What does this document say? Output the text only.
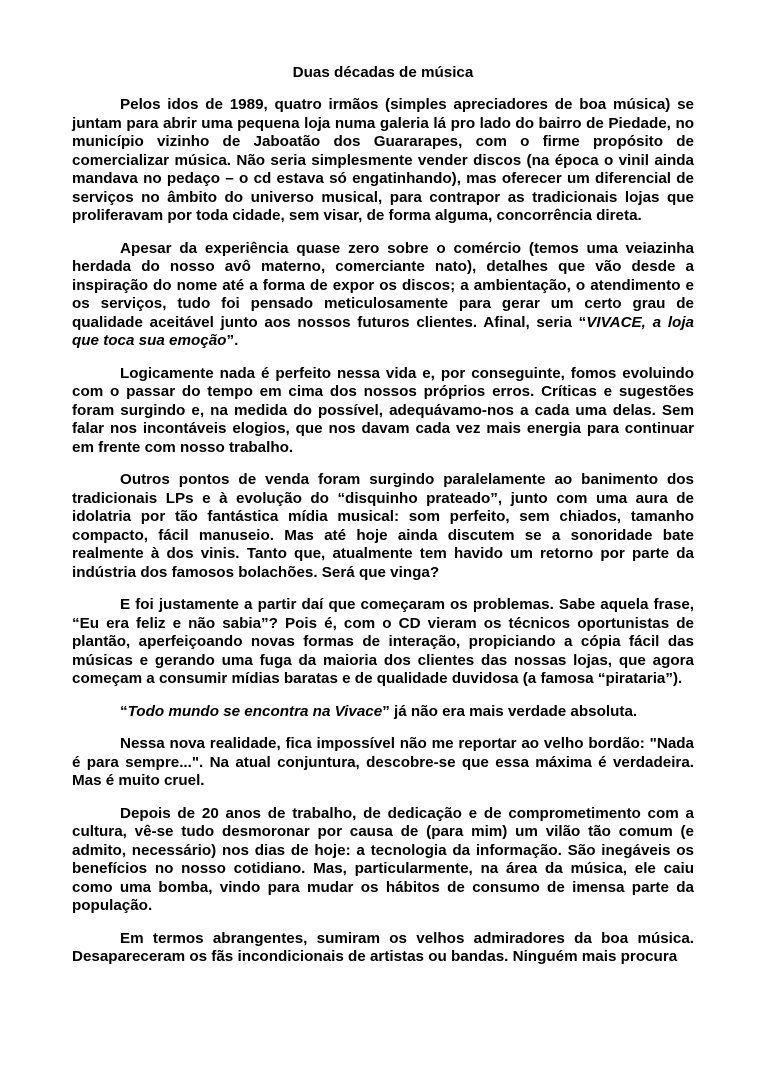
Duas décadas de música

Pelos idos de 1989, quatro irmãos (simples apreciadores de boa música) se juntam para abrir uma pequena loja numa galeria lá pro lado do bairro de Piedade, no município vizinho de Jaboatão dos Guararapes, com o firme propósito de comercializar música. Não seria simplesmente vender discos (na época o vinil ainda mandava no pedaço – o cd estava só engatinhando), mas oferecer um diferencial de serviços no âmbito do universo musical, para contrapor as tradicionais lojas que proliferavam por toda cidade, sem visar, de forma alguma, concorrência direta.

Apesar da experiência quase zero sobre o comércio (temos uma veiazinha herdada do nosso avô materno, comerciante nato), detalhes que vão desde a inspiração do nome até a forma de expor os discos; a ambientação, o atendimento e os serviços, tudo foi pensado meticulosamente para gerar um certo grau de qualidade aceitável junto aos nossos futuros clientes. Afinal, seria “VIVACE, a loja que toca sua emoção”.

Logicamente nada é perfeito nessa vida e, por conseguinte, fomos evoluindo com o passar do tempo em cima dos nossos próprios erros. Críticas e sugestões foram surgindo e, na medida do possível, adequávamo-nos a cada uma delas. Sem falar nos incontáveis elogios, que nos davam cada vez mais energia para continuar em frente com nosso trabalho.

Outros pontos de venda foram surgindo paralelamente ao banimento dos tradicionais LPs e à evolução do “disquinho prateado”, junto com uma aura de idolatria por tão fantástica mídia musical: som perfeito, sem chiados, tamanho compacto, fácil manuseio. Mas até hoje ainda discutem se a sonoridade bate realmente à dos vinis. Tanto que, atualmente tem havido um retorno por parte da indústria dos famosos bolachões. Será que vinga?

E foi justamente a partir daí que começaram os problemas. Sabe aquela frase, “Eu era feliz e não sabia”? Pois é, com o CD vieram os técnicos oportunistas de plantão, aperfeiçoando novas formas de interação, propiciando a cópia fácil das músicas e gerando uma fuga da maioria dos clientes das nossas lojas, que agora começam a consumir mídias baratas e de qualidade duvidosa (a famosa “pirataria”).

“Todo mundo se encontra na Vivace” já não era mais verdade absoluta.

Nessa nova realidade, fica impossível não me reportar ao velho bordão: "Nada é para sempre...". Na atual conjuntura, descobre-se que essa máxima é verdadeira. Mas é muito cruel.

Depois de 20 anos de trabalho, de dedicação e de comprometimento com a cultura, vê-se tudo desmoronar por causa de (para mim) um vilão tão comum (e admito, necessário) nos dias de hoje: a tecnologia da informação. São inegáveis os benefícios no nosso cotidiano. Mas, particularmente, na área da música, ele caiu como uma bomba, vindo para mudar os hábitos de consumo de imensa parte da população.

Em termos abrangentes, sumiram os velhos admiradores da boa música. Desapareceram os fãs incondicionais de artistas ou bandas. Ninguém mais procura
